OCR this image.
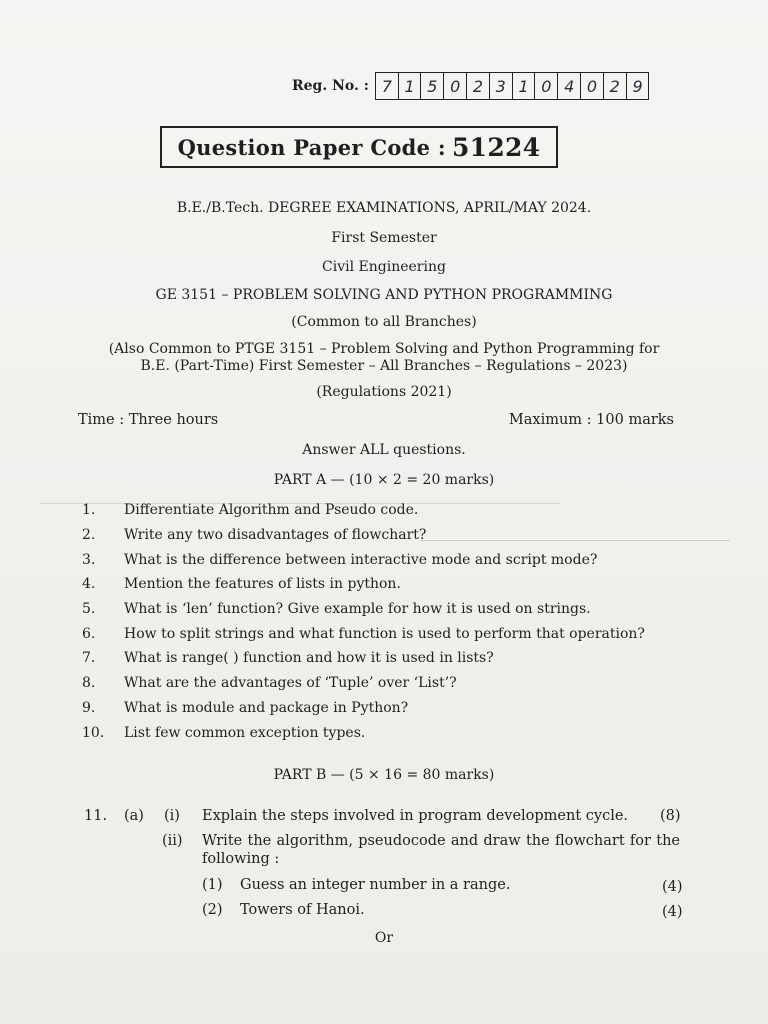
Reg. No. : 7 1 5 0 2 3 1 0 4 0 2 9
Question Paper Code : 51224
B.E./B.Tech. DEGREE EXAMINATIONS, APRIL/MAY 2024.
First Semester
Civil Engineering
GE 3151 – PROBLEM SOLVING AND PYTHON PROGRAMMING
(Common to all Branches)
(Also Common to PTGE 3151 – Problem Solving and Python Programming for
B.E. (Part-Time) First Semester – All Branches – Regulations – 2023)
(Regulations 2021)
Time : Three hours	Maximum : 100 marks
Answer ALL questions.
PART A — (10 × 2 = 20 marks)
1.	Differentiate Algorithm and Pseudo code.
2.	Write any two disadvantages of flowchart?
3.	What is the difference between interactive mode and script mode?
4.	Mention the features of lists in python.
5.	What is ‘len’ function? Give example for how it is used on strings.
6.	How to split strings and what function is used to perform that operation?
7.	What is range( ) function and how it is used in lists?
8.	What are the advantages of ‘Tuple’ over ‘List’?
9.	What is module and package in Python?
10.	List few common exception types.
PART B — (5 × 16 = 80 marks)
11. (a) (i) Explain the steps involved in program development cycle. (8)
(ii) Write the algorithm, pseudocode and draw the flowchart for the
following :
(1) Guess an integer number in a range.	(4)
(2) Towers of Hanoi.	(4)
Or
